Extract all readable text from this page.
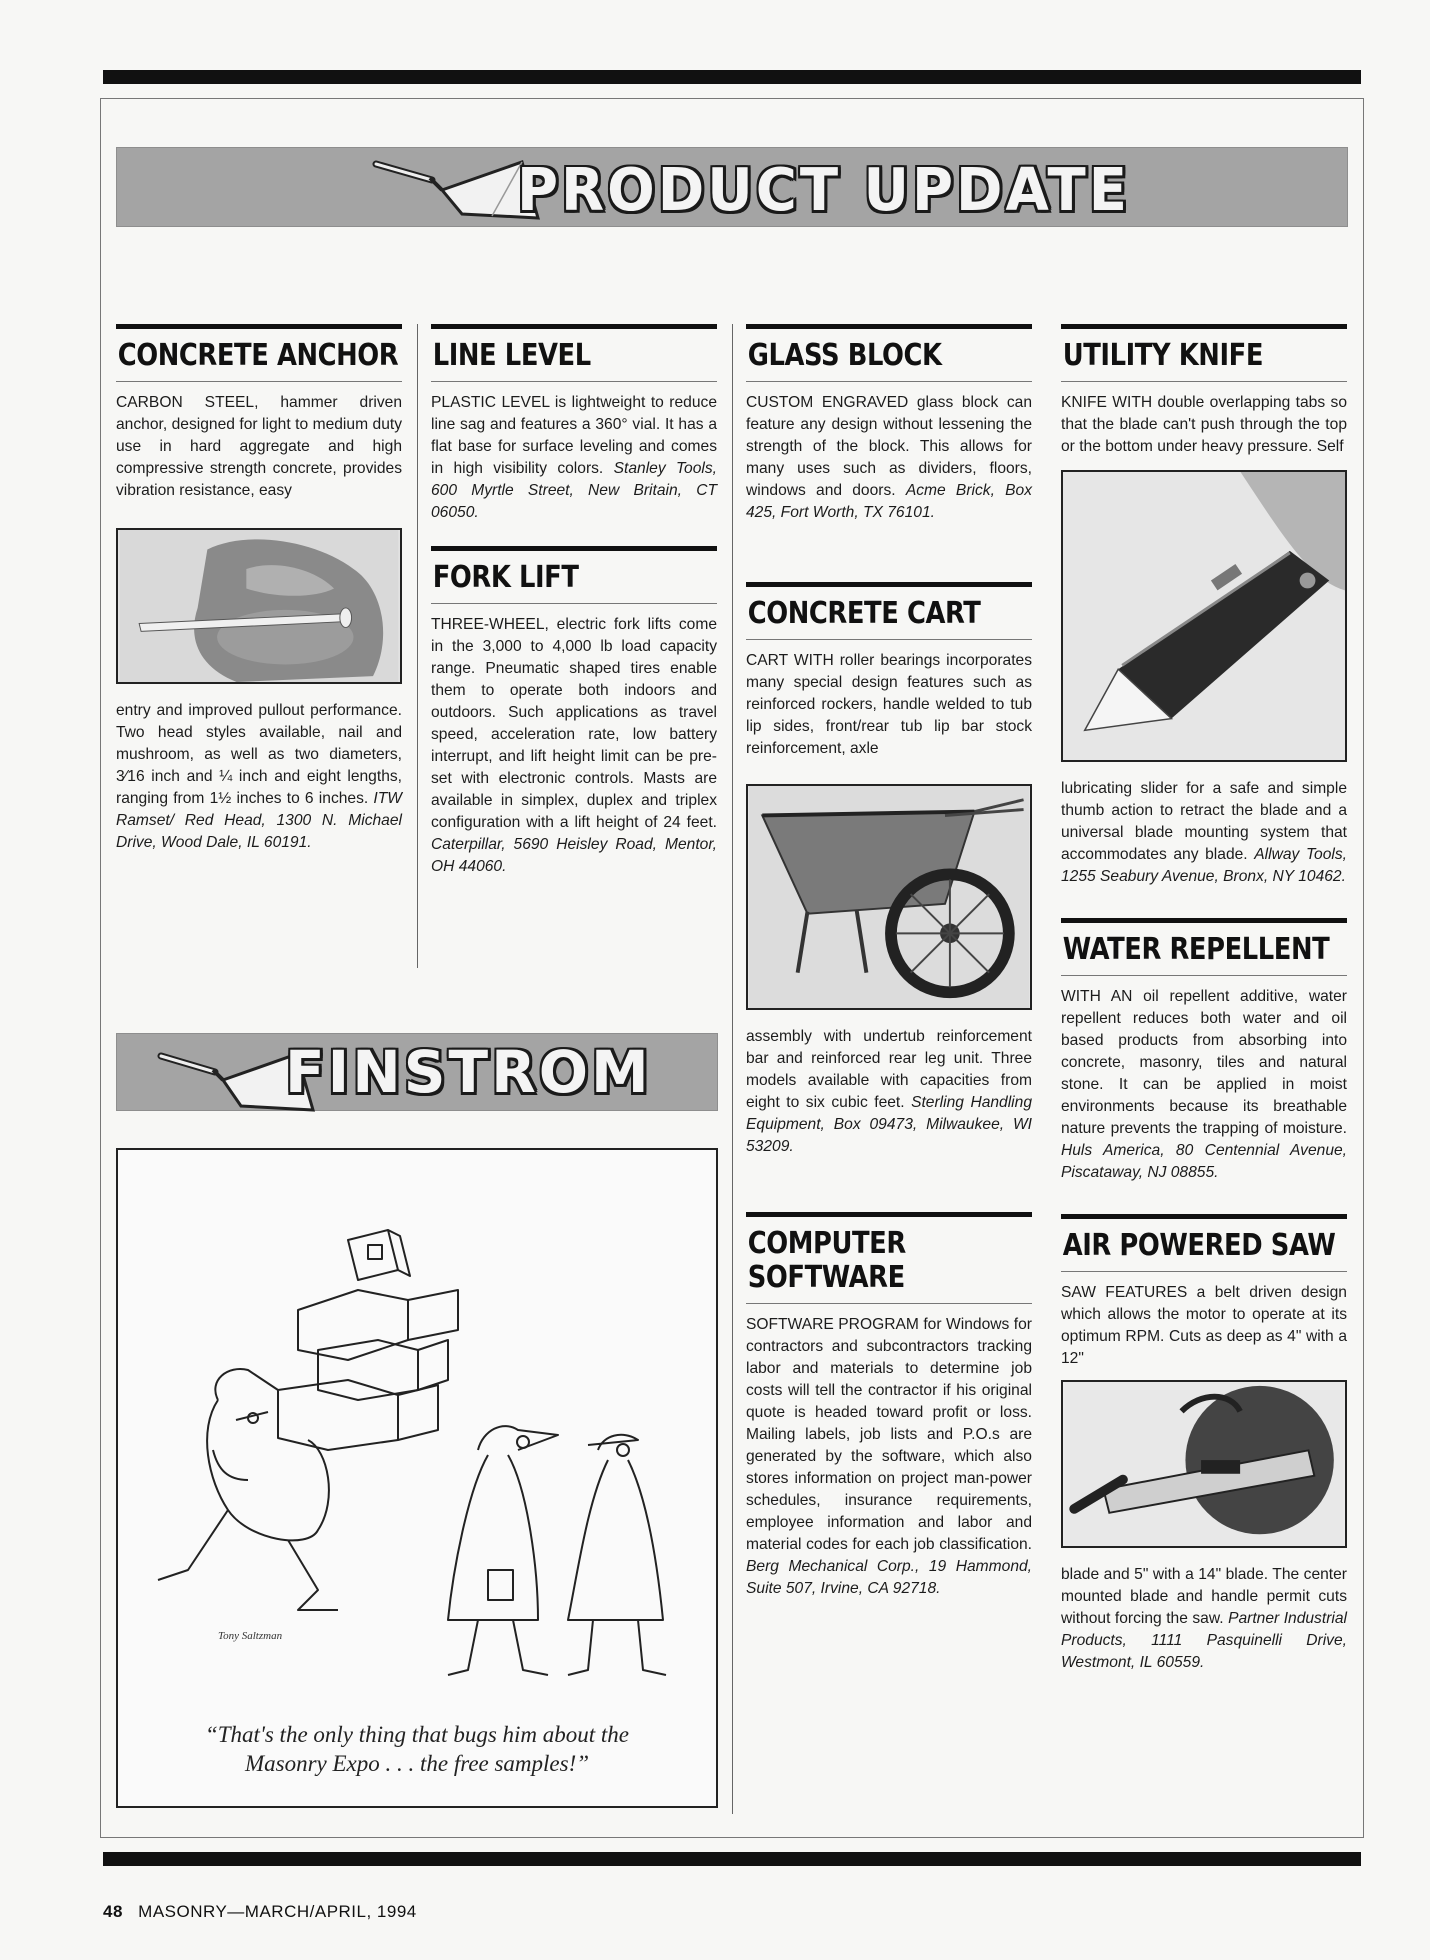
PRODUCT UPDATE
CONCRETE ANCHOR
CARBON STEEL, hammer driven anchor, designed for light to medium duty use in hard aggregate and high compressive strength concrete, provides vibration resistance, easy
entry and improved pullout performance. Two head styles available, nail and mushroom, as well as two diameters, 3⁄16 inch and ¼ inch and eight lengths, ranging from 1½ inches to 6 inches. ITW Ramset/ Red Head, 1300 N. Michael Drive, Wood Dale, IL 60191.
LINE LEVEL
PLASTIC LEVEL is lightweight to reduce line sag and features a 360° vial. It has a flat base for surface leveling and comes in high visibility colors. Stanley Tools, 600 Myrtle Street, New Britain, CT 06050.
FORK LIFT
THREE-WHEEL, electric fork lifts come in the 3,000 to 4,000 lb load capacity range. Pneumatic shaped tires enable them to operate both indoors and outdoors. Such applications as travel speed, acceleration rate, low battery interrupt, and lift height limit can be pre-set with electronic controls. Masts are available in simplex, duplex and triplex configuration with a lift height of 24 feet. Caterpillar, 5690 Heisley Road, Mentor, OH 44060.
GLASS BLOCK
CUSTOM ENGRAVED glass block can feature any design without lessening the strength of the block. This allows for many uses such as dividers, floors, windows and doors. Acme Brick, Box 425, Fort Worth, TX 76101.
CONCRETE CART
CART WITH roller bearings incorporates many special design features such as reinforced rockers, handle welded to tub lip sides, front/rear tub lip bar stock reinforcement, axle
assembly with undertub reinforcement bar and reinforced rear leg unit. Three models available with capacities from eight to six cubic feet. Sterling Handling Equipment, Box 09473, Milwaukee, WI 53209.
COMPUTER SOFTWARE
SOFTWARE PROGRAM for Windows for contractors and subcontractors tracking labor and materials to determine job costs will tell the contractor if his original quote is headed toward profit or loss. Mailing labels, job lists and P.O.s are generated by the software, which also stores information on project man-power schedules, insurance requirements, employee information and labor and material codes for each job classification. Berg Mechanical Corp., 19 Hammond, Suite 507, Irvine, CA 92718.
UTILITY KNIFE
KNIFE WITH double overlapping tabs so that the blade can't push through the top or the bottom under heavy pressure. Self
lubricating slider for a safe and simple thumb action to retract the blade and a universal blade mounting system that accommodates any blade. Allway Tools, 1255 Seabury Avenue, Bronx, NY 10462.
WATER REPELLENT
WITH AN oil repellent additive, water repellent reduces both water and oil based products from absorbing into concrete, masonry, tiles and natural stone. It can be applied in moist environments because its breathable nature prevents the trapping of moisture. Huls America, 80 Centennial Avenue, Piscataway, NJ 08855.
AIR POWERED SAW
SAW FEATURES a belt driven design which allows the motor to operate at its optimum RPM. Cuts as deep as 4" with a 12"
blade and 5" with a 14" blade. The center mounted blade and handle permit cuts without forcing the saw. Partner Industrial Products, 1111 Pasquinelli Drive, Westmont, IL 60559.
FINSTROM
Tony Saltzman
“That's the only thing that bugs him about the
Masonry Expo . . . the free samples!”
48 MASONRY—MARCH/APRIL, 1994
